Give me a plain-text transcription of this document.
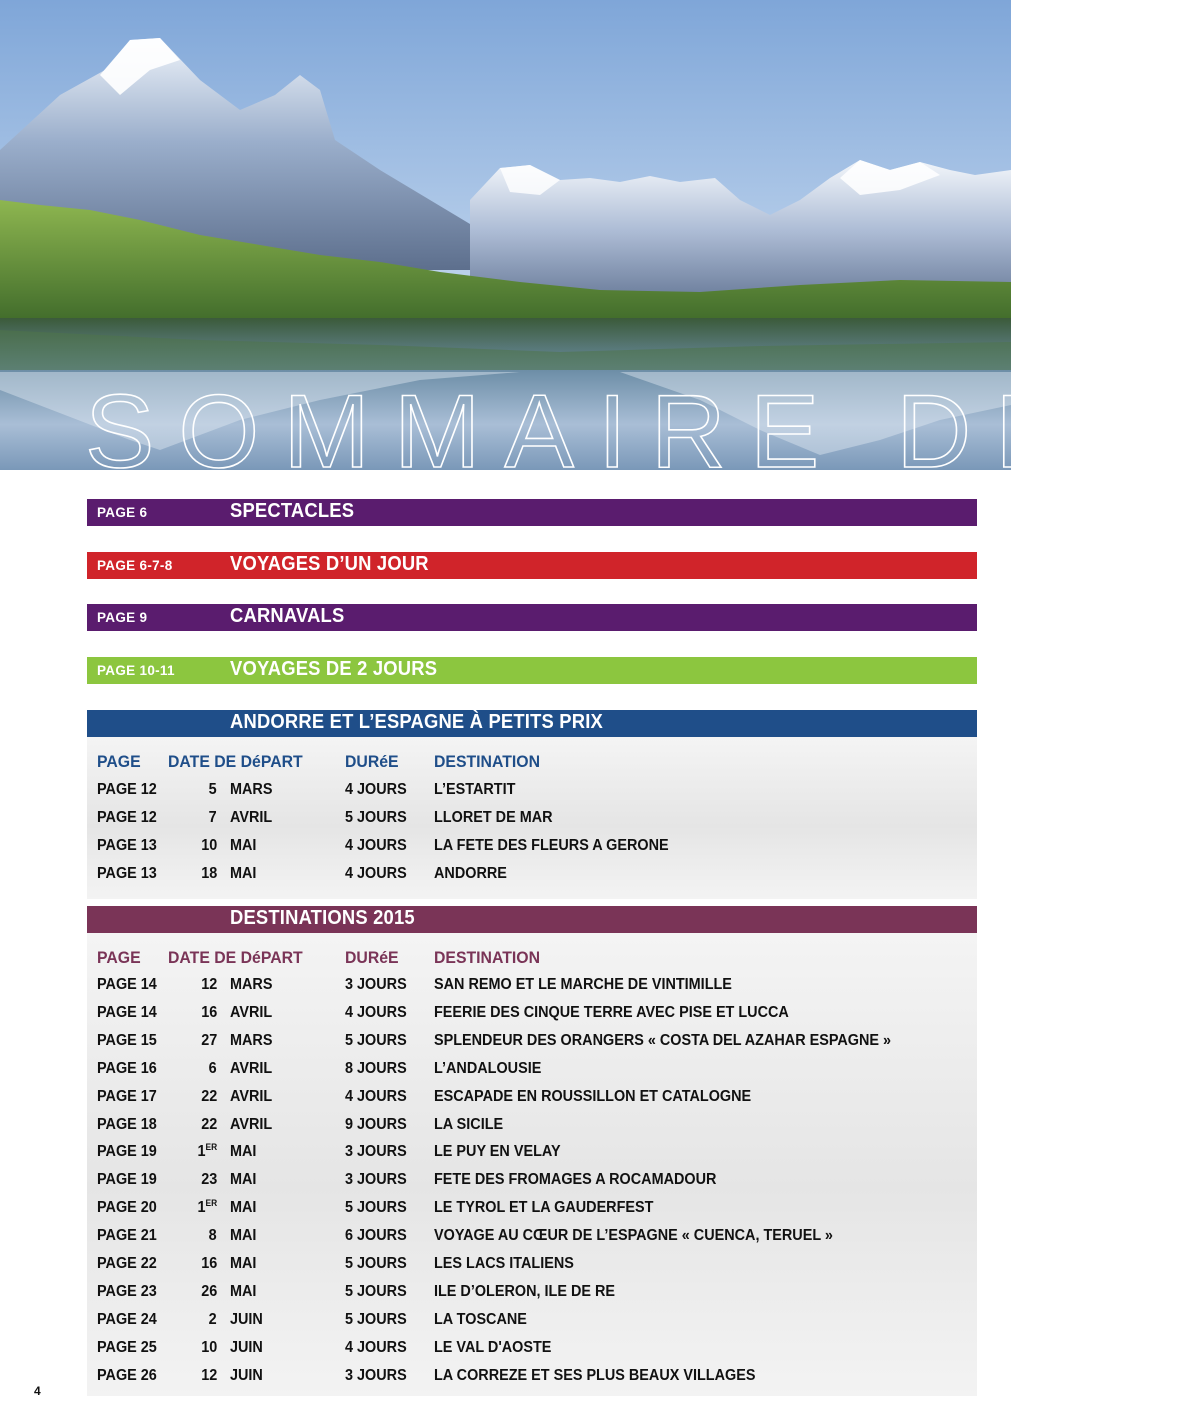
SOMMAIRE DES
PAGE 6	SPECTACLES
PAGE 6-7-8	VOYAGES D’UN JOUR
PAGE 9	CARNAVALS
PAGE 10-11	VOYAGES DE 2 JOURS
ANDORRE ET L’ESPAGNE À PETITS PRIX
PAGE DATE DE DéPART DURéE DESTINATION
PAGE 12	5 MARS	4 JOURS L’ESTARTIT
PAGE 12	7 AVRIL	5 JOURS LLORET DE MAR
PAGE 13	10 MAI	4 JOURS LA FETE DES FLEURS A GERONE
PAGE 13	18 MAI	4 JOURS ANDORRE
DESTINATIONS 2015
PAGE DATE DE DéPART DURéE DESTINATION
PAGE 14	12 MARS	3 JOURS SAN REMO ET LE MARCHE DE VINTIMILLE
PAGE 14	16 AVRIL	4 JOURS FEERIE DES CINQUE TERRE AVEC PISE ET LUCCA
PAGE 15	27 MARS	5 JOURS SPLENDEUR DES ORANGERS « COSTA DEL AZAHAR ESPAGNE »
PAGE 16	6 AVRIL	8 JOURS L’ANDALOUSIE
PAGE 17	22 AVRIL	4 JOURS ESCAPADE EN ROUSSILLON ET CATALOGNE
PAGE 18	22 AVRIL	9 JOURS LA SICILE
PAGE 19	1ER MAI	3 JOURS LE PUY EN VELAY
PAGE 19	23 MAI	3 JOURS FETE DES FROMAGES A ROCAMADOUR
PAGE 20	1ER MAI	5 JOURS LE TYROL ET LA GAUDERFEST
PAGE 21	8 MAI	6 JOURS VOYAGE AU CŒUR DE L’ESPAGNE « CUENCA, TERUEL »
PAGE 22	16 MAI	5 JOURS LES LACS ITALIENS
PAGE 23	26 MAI	5 JOURS ILE D’OLERON, ILE DE RE
PAGE 24	2 JUIN	5 JOURS LA TOSCANE
PAGE 25	10 JUIN	4 JOURS LE VAL D'AOSTE
PAGE 26	12 JUIN	3 JOURS LA CORREZE ET SES PLUS BEAUX VILLAGES
4
